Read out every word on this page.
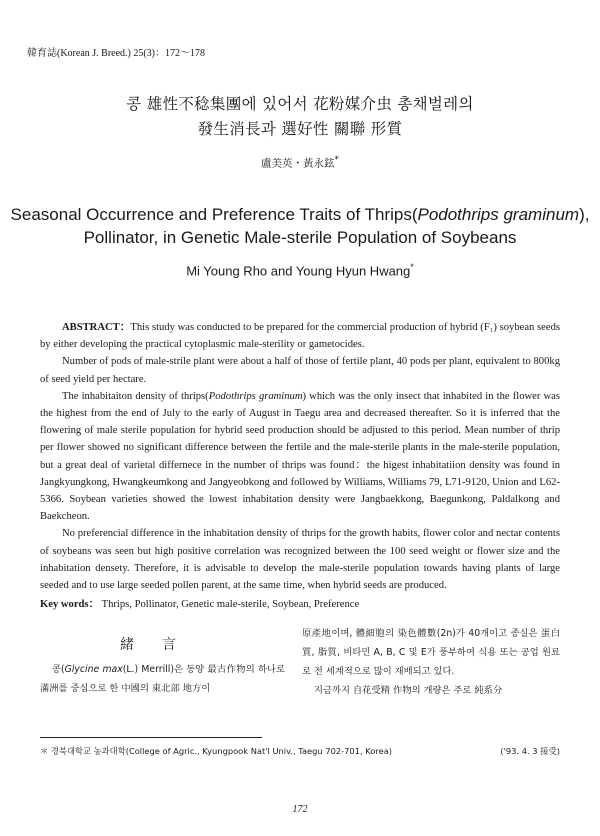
韓育誌(Korean J. Breed.) 25(3)：172～178
콩 雄性不稔集團에 있어서 花粉媒介虫 총채벌레의
發生消長과 選好性 關聯 形質
盧美英・黃永鉉*
Seasonal Occurrence and Preference Traits of Thrips(Podothrips graminum),
Pollinator, in Genetic Male-sterile Population of Soybeans
Mi Young Rho and Young Hyun Hwang*

ABSTRACT：This study was conducted to be prepared for the commercial production of hybrid (F₁) soybean seeds by either developing the practical cytoplasmic male-sterility or gametocides.

Number of pods of male-strile plant were about a half of those of fertile plant, 40 pods per plant, equivalent to 800kg of seed yield per hectare.

The inhabitaiton density of thrips(Podothrips graminum) which was the only insect that inhabited in the flower was the highest from the end of July to the early of August in Taegu area and decreased thereafter. So it is inferred that the flowering of male sterile population for hybrid seed production should be adjusted to this period. Mean number of thrip per flower showed no significant difference between the fertile and the male-sterile plants in the male-sterile population, but a great deal of varietal differnece in the number of thrips was found：the higest inhabitatiion density was found in Jangkyungkong, Hwangkeumkong and Jangyeobkong and followed by Williams, Williams 79, L71-9120, Union and L62-5366. Soybean varieties showed the lowest inhabitation density were Jangbaekkong, Baegunkong, Paldalkong and Baekcheon.

No preferencial difference in the inhabitation density of thrips for the growth habits, flower color and nectar contents of soybeans was seen but high positive correlation was recognized between the 100 seed weight or flower size and the inhabitation densety. Therefore, it is advisable to develop the male-sterile population towards having plants of large seeded and to use large seeded pollen parent, at the same time, when hybrid seeds are produced.

Key words： Thrips, Pollinator, Genetic male-sterile, Soybean, Preference
緒言

콩(Glycine max(L.) Merrill)은 동양 最古作物의 하나로 滿洲를 중심으로 한 中國의 東北部 地方이

原產地이며, 體細胞의 染色體數(2n)가 40개이고 종실은 蛋白質, 脂質, 비타민 A, B, C 및 E가 풍부하여 식용 또는 공업 원료로 전 세계적으로 많이 재배되고 있다.

지금까지 自花受精 作物의 개량은 주로 純系分

＊ 경북대학교 농과대학(College of Agric., Kyungpook Nat'l Univ., Taegu 702-701, Korea)	('93. 4. 3 接受)
172
